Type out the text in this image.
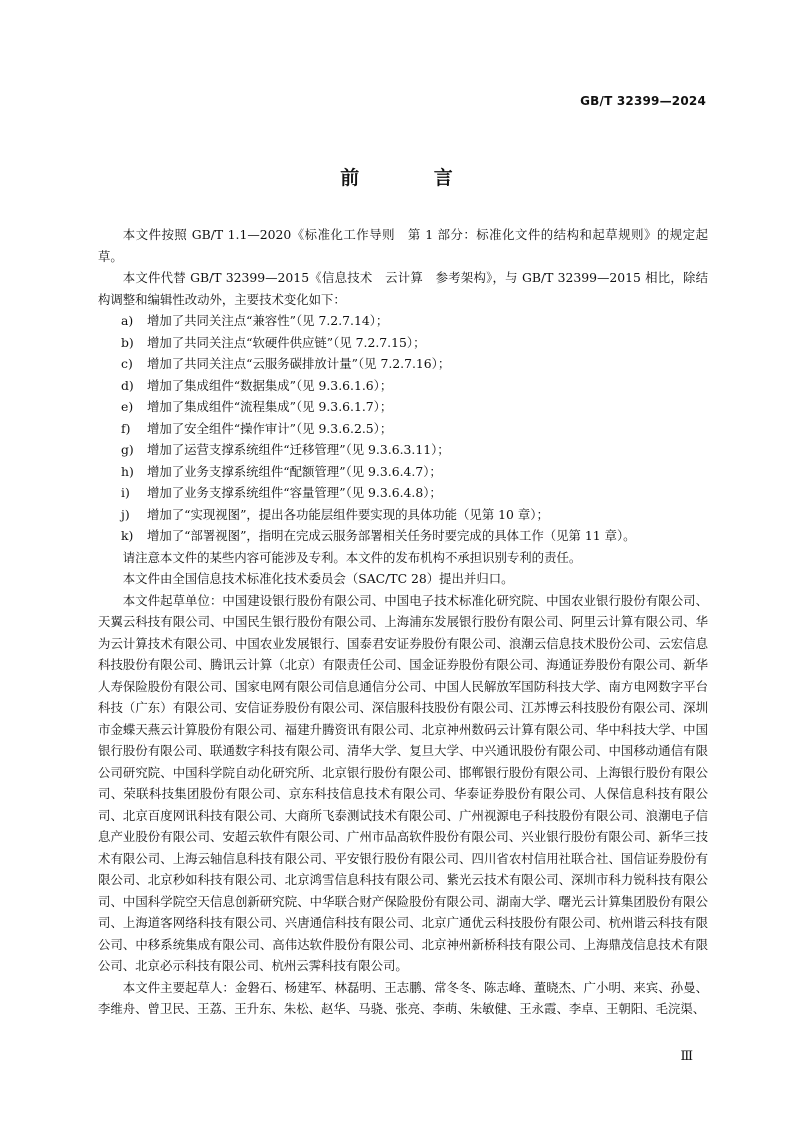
GB/T 32399—2024
前 言

本文件按照 GB/T 1.1—2020《标准化工作导则　第 1 部分：标准化文件的结构和起草规则》的规定起草。

本文件代替 GB/T 32399—2015《信息技术　云计算　参考架构》，与 GB/T 32399—2015 相比，除结构调整和编辑性改动外，主要技术变化如下：

a)	增加了共同关注点“兼容性”（见 7.2.7.14）；
b)	增加了共同关注点“软硬件供应链”（见 7.2.7.15）；
c)	增加了共同关注点“云服务碳排放计量”（见 7.2.7.16）；
d)	增加了集成组件“数据集成”（见 9.3.6.1.6）；
e)	增加了集成组件“流程集成”（见 9.3.6.1.7）；
f)	增加了安全组件“操作审计”（见 9.3.6.2.5）；
g)	增加了运营支撑系统组件“迁移管理”（见 9.3.6.3.11）；
h)	增加了业务支撑系统组件“配额管理”（见 9.3.6.4.7）；
i)	增加了业务支撑系统组件“容量管理”（见 9.3.6.4.8）；
j)	增加了“实现视图”，提出各功能层组件要实现的具体功能（见第 10 章）；
k)	增加了“部署视图”，指明在完成云服务部署相关任务时要完成的具体工作（见第 11 章）。

请注意本文件的某些内容可能涉及专利。本文件的发布机构不承担识别专利的责任。

本文件由全国信息技术标准化技术委员会（SAC/TC 28）提出并归口。

本文件起草单位：中国建设银行股份有限公司、中国电子技术标准化研究院、中国农业银行股份有限公司、天翼云科技有限公司、中国民生银行股份有限公司、上海浦东发展银行股份有限公司、阿里云计算有限公司、华为云计算技术有限公司、中国农业发展银行、国泰君安证券股份有限公司、浪潮云信息技术股份公司、云宏信息科技股份有限公司、腾讯云计算（北京）有限责任公司、国金证券股份有限公司、海通证券股份有限公司、新华人寿保险股份有限公司、国家电网有限公司信息通信分公司、中国人民解放军国防科技大学、南方电网数字平台科技（广东）有限公司、安信证券股份有限公司、深信服科技股份有限公司、江苏博云科技股份有限公司、深圳市金蝶天燕云计算股份有限公司、福建升腾资讯有限公司、北京神州数码云计算有限公司、华中科技大学、中国银行股份有限公司、联通数字科技有限公司、清华大学、复旦大学、中兴通讯股份有限公司、中国移动通信有限公司研究院、中国科学院自动化研究所、北京银行股份有限公司、邯郸银行股份有限公司、上海银行股份有限公司、荣联科技集团股份有限公司、京东科技信息技术有限公司、华泰证券股份有限公司、人保信息科技有限公司、北京百度网讯科技有限公司、大商所飞泰测试技术有限公司、广州视源电子科技股份有限公司、浪潮电子信息产业股份有限公司、安超云软件有限公司、广州市品高软件股份有限公司、兴业银行股份有限公司、新华三技术有限公司、上海云轴信息科技有限公司、平安银行股份有限公司、四川省农村信用社联合社、国信证券股份有限公司、北京秒如科技有限公司、北京鸿雪信息科技有限公司、紫光云技术有限公司、深圳市科力锐科技有限公司、中国科学院空天信息创新研究院、中华联合财产保险股份有限公司、湖南大学、曙光云计算集团股份有限公司、上海道客网络科技有限公司、兴唐通信科技有限公司、北京广通优云科技股份有限公司、杭州谐云科技有限公司、中移系统集成有限公司、高伟达软件股份有限公司、北京神州新桥科技有限公司、上海鼎茂信息技术有限公司、北京必示科技有限公司、杭州云霁科技有限公司。

本文件主要起草人：金磐石、杨建军、林磊明、王志鹏、常冬冬、陈志峰、董晓杰、广小明、来宾、孙曼、李维舟、曾卫民、王荔、王升东、朱松、赵华、马骁、张亮、李萌、朱敏健、王永霞、李卓、王朝阳、毛浣渠、

Ⅲ
